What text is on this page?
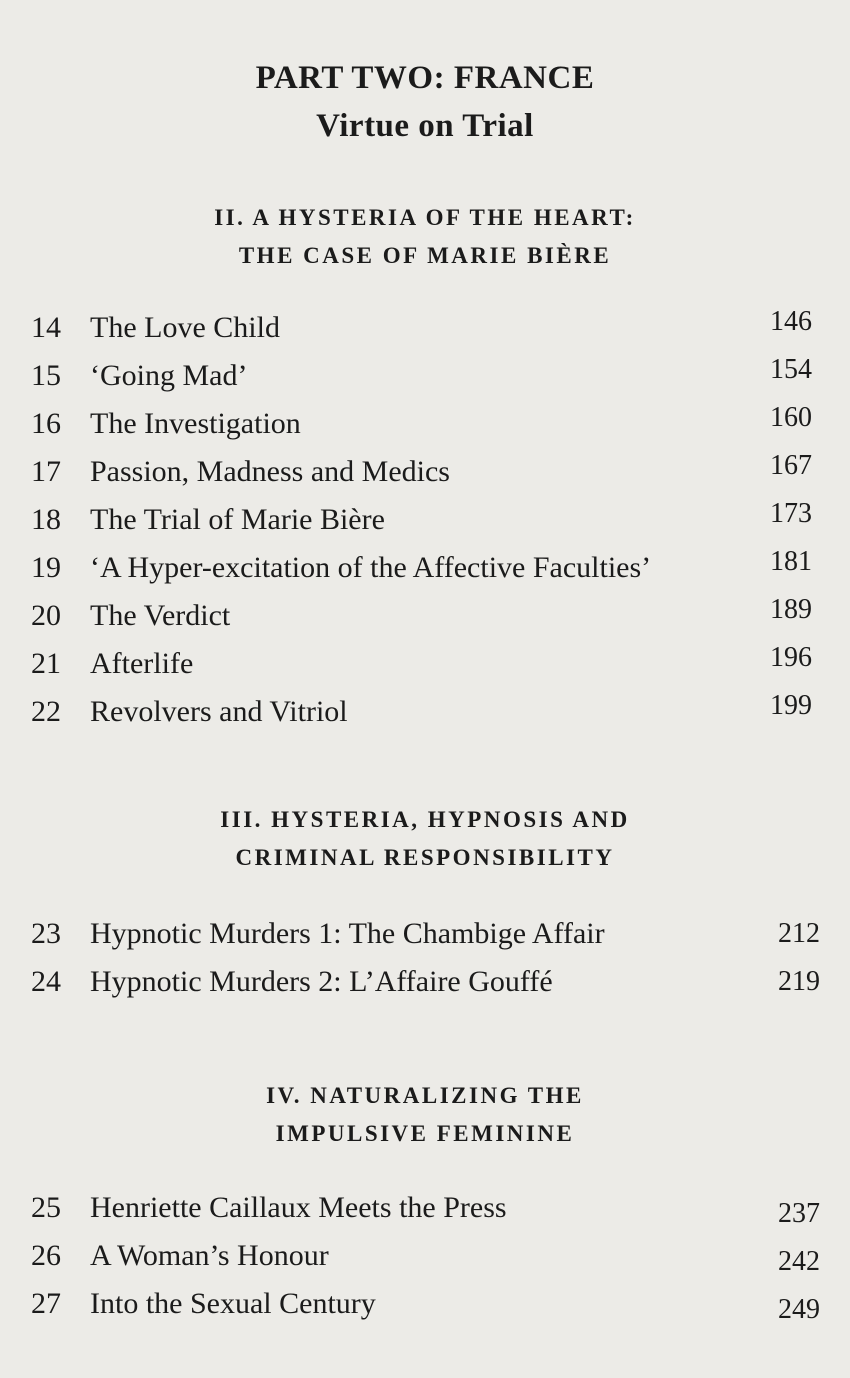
PART TWO: FRANCE
Virtue on Trial
II. A HYSTERIA OF THE HEART:
THE CASE OF MARIE BIÈRE
14 The Love Child	146
15 ‘Going Mad’	154
16 The Investigation	160
17 Passion, Madness and Medics	167
18 The Trial of Marie Bière	173
19 ‘A Hyper-excitation of the Affective Faculties’	181
20 The Verdict	189
21 Afterlife	196
22 Revolvers and Vitriol	199
III. HYSTERIA, HYPNOSIS AND
CRIMINAL RESPONSIBILITY
23 Hypnotic Murders 1: The Chambige Affair	212
24 Hypnotic Murders 2: L’Affaire Gouffé	219
IV. NATURALIZING THE
IMPULSIVE FEMININE
25 Henriette Caillaux Meets the Press	237
26 A Woman’s Honour	242
27 Into the Sexual Century	249
